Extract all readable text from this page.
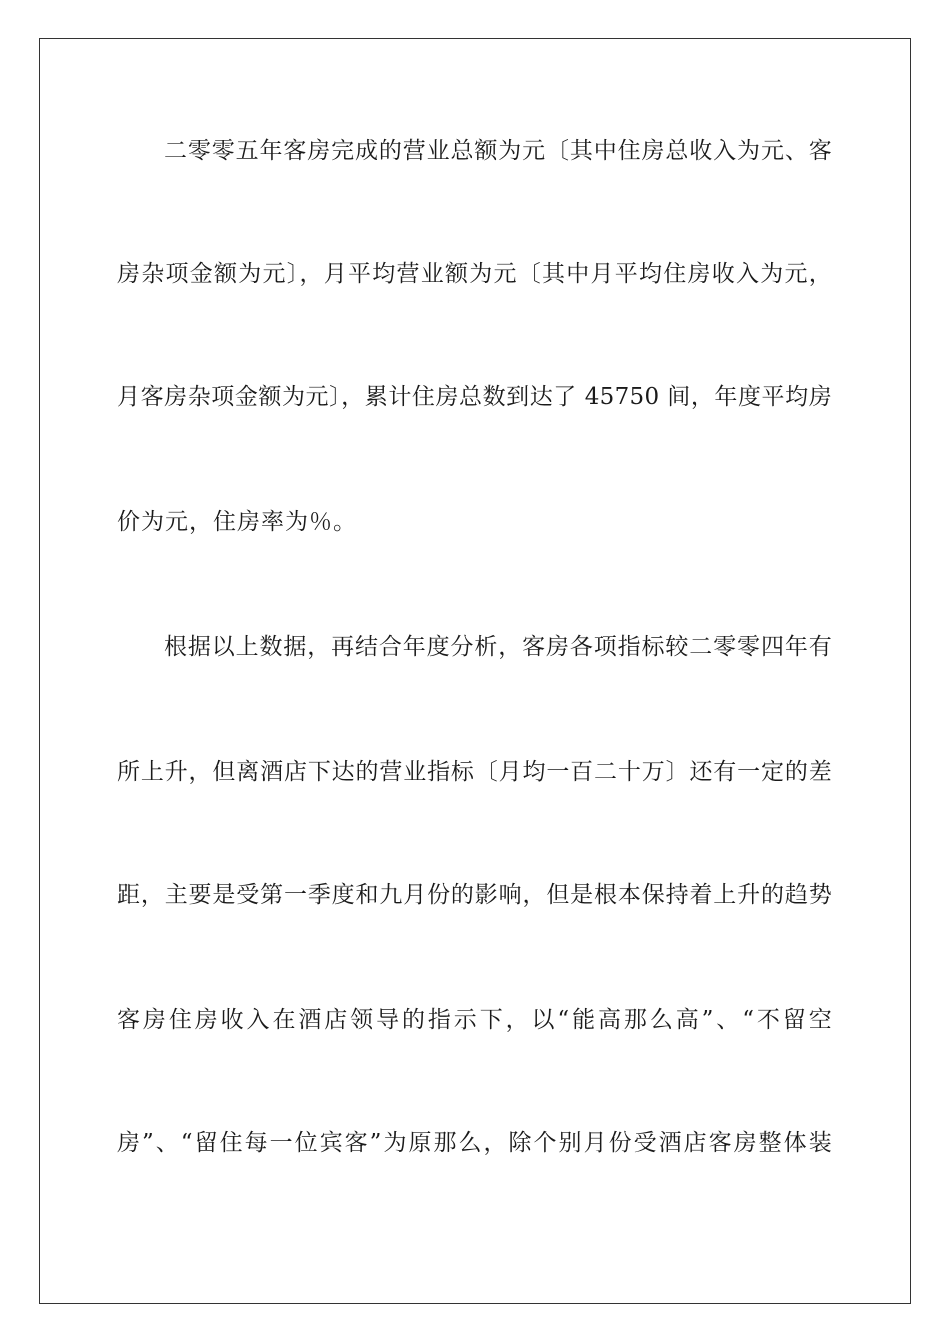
二零零五年客房完成的营业总额为元〔其中住房总收入为元、客
房杂项金额为元〕，月平均营业额为元〔其中月平均住房收入为元，
月客房杂项金额为元〕，累计住房总数到达了 45750 间，年度平均房
价为元，住房率为％。
根据以上数据，再结合年度分析，客房各项指标较二零零四年有
所上升，但离酒店下达的营业指标〔月均一百二十万〕还有一定的差
距，主要是受第一季度和九月份的影响，但是根本保持着上升的趋势
客房住房收入在酒店领导的指示下，以“能高那么高”、“不留空
房”、“留住每一位宾客”为原那么，除个别月份受酒店客房整体装
